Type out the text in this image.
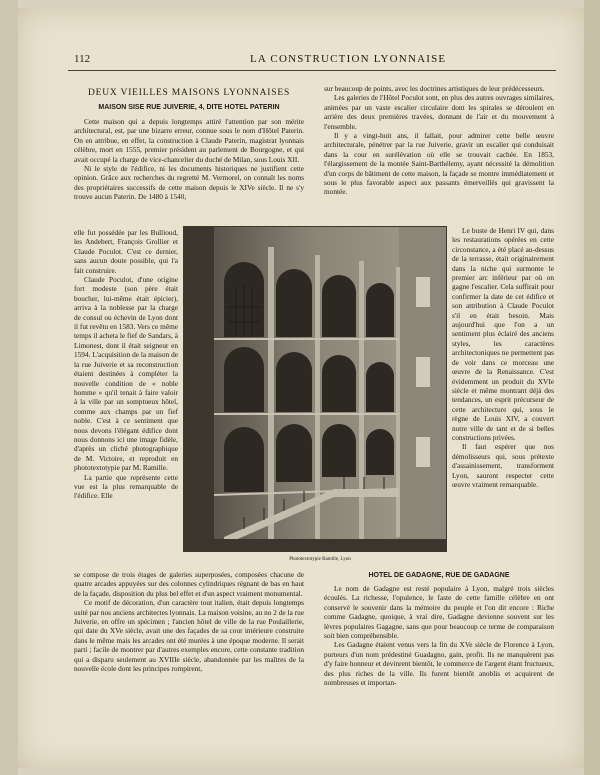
112	LA CONSTRUCTION LYONNAISE
DEUX VIEILLES MAISONS LYONNAISES
MAISON SISE RUE JUIVERIE, 4, DITE HOTEL PATERIN

Cette maison qui a depuis longtemps attiré l'attention par son mérite architectural, est, par une bizarre erreur, connue sous le nom d'Hôtel Paterin. On en attribue, en effet, la construction à Claude Paterin, magistrat lyonnais célèbre, mort en 1555, premier président au parlement de Bourgogne, et qui avait occupé la charge de vice-chancelier du duché de Milan, sous Louis XII.

Ni le style de l'édifice, ni les documents historiques ne justifient cette opinion. Grâce aux recherches du regretté M. Vermorel, on connaît les noms des propriétaires successifs de cette maison depuis le XIVe siècle. Il ne s'y trouve aucun Paterin. De 1480 à 1540,

elle fut possédée par les Bullioud, les Andebert, François Grollier et Claude Poculot. C'est ce dernier, sans aucun doute possible, qui l'a fait construire.

Claude Poculot, d'une origine fort modeste (son père était boucher, lui-même était épicier), arriva à la noblesse par la charge de consul ou échevin de Lyon dont il fut revêtu en 1583. Vers ce même temps il acheta le fief de Sandars, à Limonest, dont il était seigneur en 1594. L'acquisition de la maison de la rue Juiverie et sa reconstruction étaient destinées à compléter la nouvelle condition de « noble homme » qu'il tenait à faire valoir à la ville par un somptueux hôtel, comme aux champs par un fief noble. C'est à ce sentiment que nous devons l'élégant édifice dont nous donnons ici une image fidèle, d'après un cliché photographique de M. Victoire, et reproduit en phototextotypie par M. Ramille.

La partie que représente cette vue est la plus remarquable de l'édifice. Elle

se compose de trois étages de galeries superposées, composées chacune de quatre arcades appuyées sur des colonnes cylindriques régnant de bas en haut de la façade, disposition du plus bel effet et d'un aspect vraiment monumental.

Ce motif de décoration, d'un caractère tout italien, était depuis longtemps usité par nos anciens architectes lyonnais. La maison voisine, au no 2 de la rue Juiverie, en offre un spécimen ; l'ancien hôtel de ville de la rue Poulaillerie, qui date du XVe siècle, avait une des façades de sa cour intérieure construite dans le même mais les arcades ont été murées à une époque moderne. Il serait parti ; facile de montrer par d'autres exemples encore, cette constante tradition qui a disparu seulement au XVIIIe siècle, abandonnée par les maîtres de la nouvelle école dont les principes rompirent,

sur beaucoup de points, avec les doctrines artistiques de leur prédécesseurs.

Les galeries de l'Hôtel Poculot sont, en plus des autres ouvrages similaires, animées par un vaste escalier circulaire dont les spirales se déroulent en arrière des deux premières travées, donnant de l'air et du mouvement à l'ensemble.

Il y a vingt-huit ans, il fallait, pour admirer cette belle œuvre architecturale, pénétrer par la rue Juiverie, gravir un escalier qui conduisait dans la cour en surélévation où elle se trouvait cachée. En 1853, l'élargissement de la montée Saint-Barthélemy, ayant nécessité la démolition d'un corps de bâtiment de cette maison, la façade se montre immédiatement et sous le plus favorable aspect aux passants émerveillés qui gravissent la montée.

Le buste de Henri IV qui, dans les restaurations opérées en cette circonstance, a été placé au-dessus de la terrasse, était originairement dans la niche qui surmonte le premier arc inférieur par où on gagne l'escalier. Cela suffirait pour confirmer la date de cet édifice et son attribution à Claude Poculot s'il en était besoin. Mais aujourd'hui que l'on a un sentiment plus éclairé des anciens styles, les caractères architectoniques ne permettent pas de voir dans ce morceau une œuvre de la Renaissance. C'est évidemment un produit du XVIe siècle et même montrant déjà des tendances, un esprit précurseur de cette architecture qui, sous le règne de Louis XIV, a couvert notre ville de tant et de si belles constructions privées.

Il faut espérer que nos démolisseurs qui, sous prétexte d'assainissement, transforment Lyon, sauront respecter cette œuvre vraiment remarquable.

Phototextotypie Ramille, Lyon
HOTEL DE GADAGNE, RUE DE GADAGNE

Le nom de Gadagne est resté populaire à Lyon, malgré trois siècles écoulés. La richesse, l'opulence, le faste de cette famille célèbre en ont conservé le souvenir dans la mémoire du peuple et l'on dit encore : Riche comme Gadagne, quoique, à vrai dire, Gadagne devienne souvent sur les lèvres populaires Gagagne, sans que pour beaucoup ce terme de comparaison soit bien compréhensible.

Les Gadagne étaient venus vers la fin du XVe siècle de Florence à Lyon, porteurs d'un nom prédestiné Guadagno, gain, profit. Ils ne manquèrent pas d'y faire honneur et devinrent bientôt, le commerce de l'argent étant fructueux, des plus riches de la ville. Ils furent bientôt anoblis et acquirent de nombreuses et importan-
